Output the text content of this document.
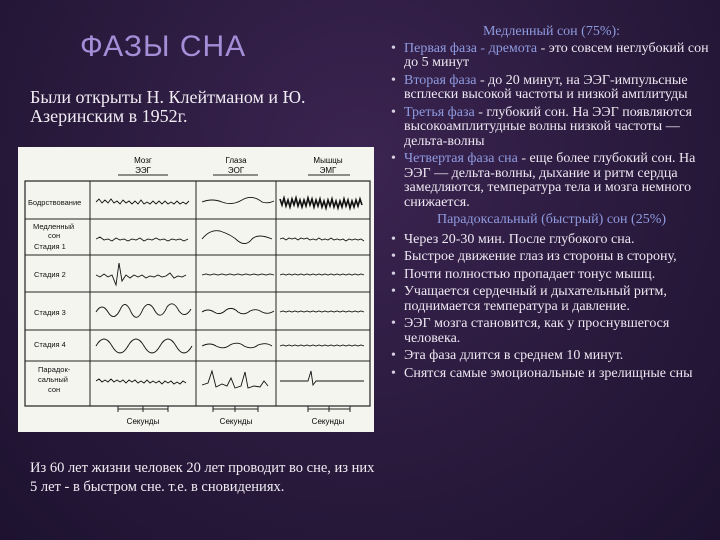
ФАЗЫ СНА
Были открыты Н. Клейтманом и Ю. Азеринским в 1952г.
Мозг
ЭЭГ
Глаза
ЭОГ
Мышцы
ЭМГ
Бодрствование
Медленный
сон
Стадия 1
Стадия 2
Стадия 3
Стадия 4
Парадок-
сальный
сон
Секунды	Секунды	Секунды
Из 60 лет жизни человек 20 лет проводит во сне, из них 5 лет - в быстром сне. т.е. в сновидениях.
Медленный сон (75%):
• Первая фаза - дремота - это совсем неглубокий сон до 5 минут
• Вторая фаза - до 20 минут, на ЭЭГ-импульсные всплески высокой частоты и низкой амплитуды
• Третья фаза - глубокий сон. На ЭЭГ появляются высокоамплитудные волны низкой частоты — дельта-волны
• Четвертая фаза сна - еще более глубокий сон. На ЭЭГ — дельта-волны, дыхание и ритм сердца замедляются, температура тела и мозга немного снижается.
Парадоксальный (быстрый) сон (25%)
• Через 20-30 мин. После глубокого сна.
• Быстрое движение глаз из стороны в сторону,
• Почти полностью пропадает тонус мышц.
• Учащается сердечный и дыхательный ритм, поднимается температура и давление.
• ЭЭГ мозга становится, как у проснувшегося человека.
• Эта фаза длится в среднем 10 минут.
• Снятся самые эмоциональные и зрелищные сны
